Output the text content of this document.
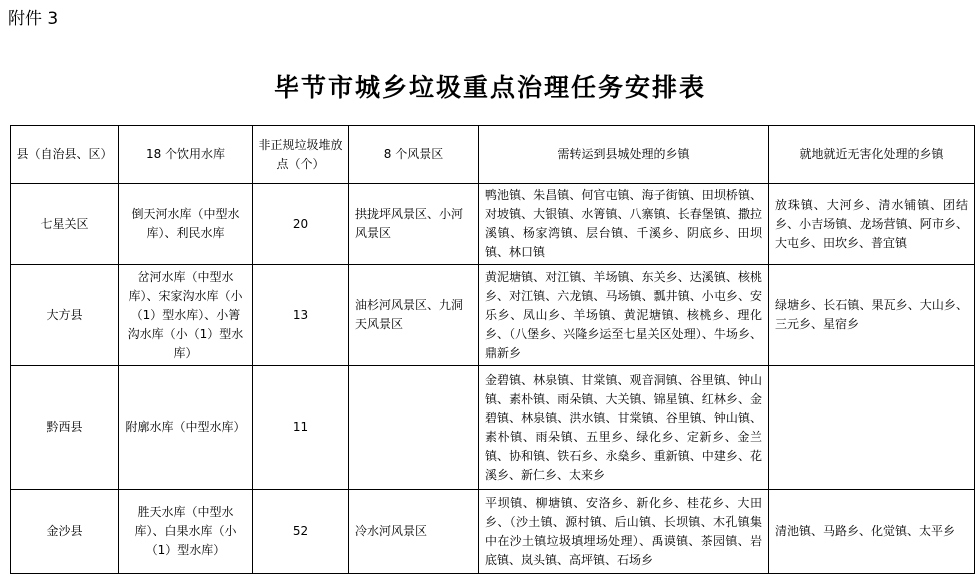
附件 3
毕节市城乡垃圾重点治理任务安排表
县（自治县、区）	18 个饮用水库	非正规垃圾堆放点（个）	8 个风景区	需转运到县城处理的乡镇	就地就近无害化处理的乡镇
七星关区	倒天河水库（中型水库）、利民水库	20	拱拢坪风景区、小河风景区	鸭池镇、朱昌镇、何官屯镇、海子街镇、田坝桥镇、对坡镇、大银镇、水箐镇、八寨镇、长春堡镇、撒拉溪镇、杨家湾镇、层台镇、千溪乡、阴底乡、田坝镇、林口镇	放珠镇、大河乡、清水铺镇、团结乡、小吉场镇、龙场营镇、阿市乡、大屯乡、田坎乡、普宜镇
大方县	岔河水库（中型水库）、宋家沟水库（小（1）型水库）、小箐沟水库（小（1）型水库）	13	油杉河风景区、九洞天风景区	黄泥塘镇、对江镇、羊场镇、东关乡、达溪镇、核桃乡、对江镇、六龙镇、马场镇、瓢井镇、小屯乡、安乐乡、凤山乡、羊场镇、黄泥塘镇、核桃乡、理化乡、（八堡乡、兴隆乡运至七星关区处理）、牛场乡、鼎新乡	绿塘乡、长石镇、果瓦乡、大山乡、三元乡、星宿乡
黔西县	附廓水库（中型水库）	11		金碧镇、林泉镇、甘棠镇、观音洞镇、谷里镇、钟山镇、素朴镇、雨朵镇、大关镇、锦星镇、红林乡、金碧镇、林泉镇、洪水镇、甘棠镇、谷里镇、钟山镇、素朴镇、雨朵镇、五里乡、绿化乡、定新乡、金兰镇、协和镇、铁石乡、永燊乡、重新镇、中建乡、花溪乡、新仁乡、太来乡	
金沙县	胜天水库（中型水库）、白果水库（小（1）型水库）	52	冷水河风景区	平坝镇、柳塘镇、安洛乡、新化乡、桂花乡、大田乡、（沙土镇、源村镇、后山镇、长坝镇、木孔镇集中在沙土镇垃圾填埋场处理）、禹谟镇、茶园镇、岩底镇、岚头镇、高坪镇、石场乡	清池镇、马路乡、化觉镇、太平乡
